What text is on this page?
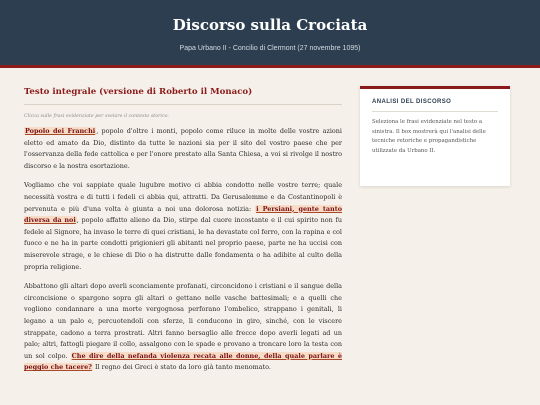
Discorso sulla Crociata
Papa Urbano II - Concilio di Clermont (27 novembre 1095)
Testo integrale (versione di Roberto il Monaco)
Clicca sulle frasi evidenziate per svelare il contesto storico.

Popolo dei Franchi, popolo d'oltre i monti, popolo come riluce in molte delle vostre azioni eletto ed amato da Dio, distinto da tutte le nazioni sia per il sito del vostro paese che per l'osservanza della fede cattolica e per l'onore prestato alla Santa Chiesa, a voi si rivolge il nostro discorso e la nostra esortazione.

Vogliamo che voi sappiate quale lugubre motivo ci abbia condotto nelle vostre terre; quale necessità vostra e di tutti i fedeli ci abbia qui, attratti. Da Gerusalemme e da Costantinopoli è pervenuta e più d'una volta è giunta a noi una dolorosa notizia: i Persiani, gente tanto diversa da noi, popolo affatto alieno da Dio, stirpe dal cuore incostante e il cui spirito non fu fedele al Signore, ha invaso le terre di quei cristiani, le ha devastate col ferro, con la rapina e col fuoco e ne ha in parte condotti prigionieri gli abitanti nel proprio paese, parte ne ha uccisi con miserevole strage, e le chiese di Dio o ha distrutte dalle fondamenta o ha adibite al culto della propria religione.

Abbattono gli altari dopo averli sconciamente profanati, circoncidono i cristiani e il sangue della circoncisione o spargono sopra gli altari o gettano nelle vasche battesimali; e a quelli che vogliono condannare a una morte vergognosa perforano l'ombelico, strappano i genitali, li legano a un palo e, percuotendoli con sferze, li conducono in giro, sinché, con le viscere strappate, cadono a terra prostrati. Altri fanno bersaglio alle frecce dopo averli legati ad un palo; altri, fattogli piegare il collo, assalgono con le spade e provano a troncare loro la testa con un sol colpo. Che dire della nefanda violenza recata alle donne, della quale parlare è peggio che tacere? Il regno dei Greci è stato da loro già tanto menomato.

ANALISI DEL DISCORSO

Seleziona le frasi evidenziate nel testo a sinistra. Il box mostrerà qui l'analisi delle tecniche retoriche e propagandistiche utilizzate da Urbano II.
